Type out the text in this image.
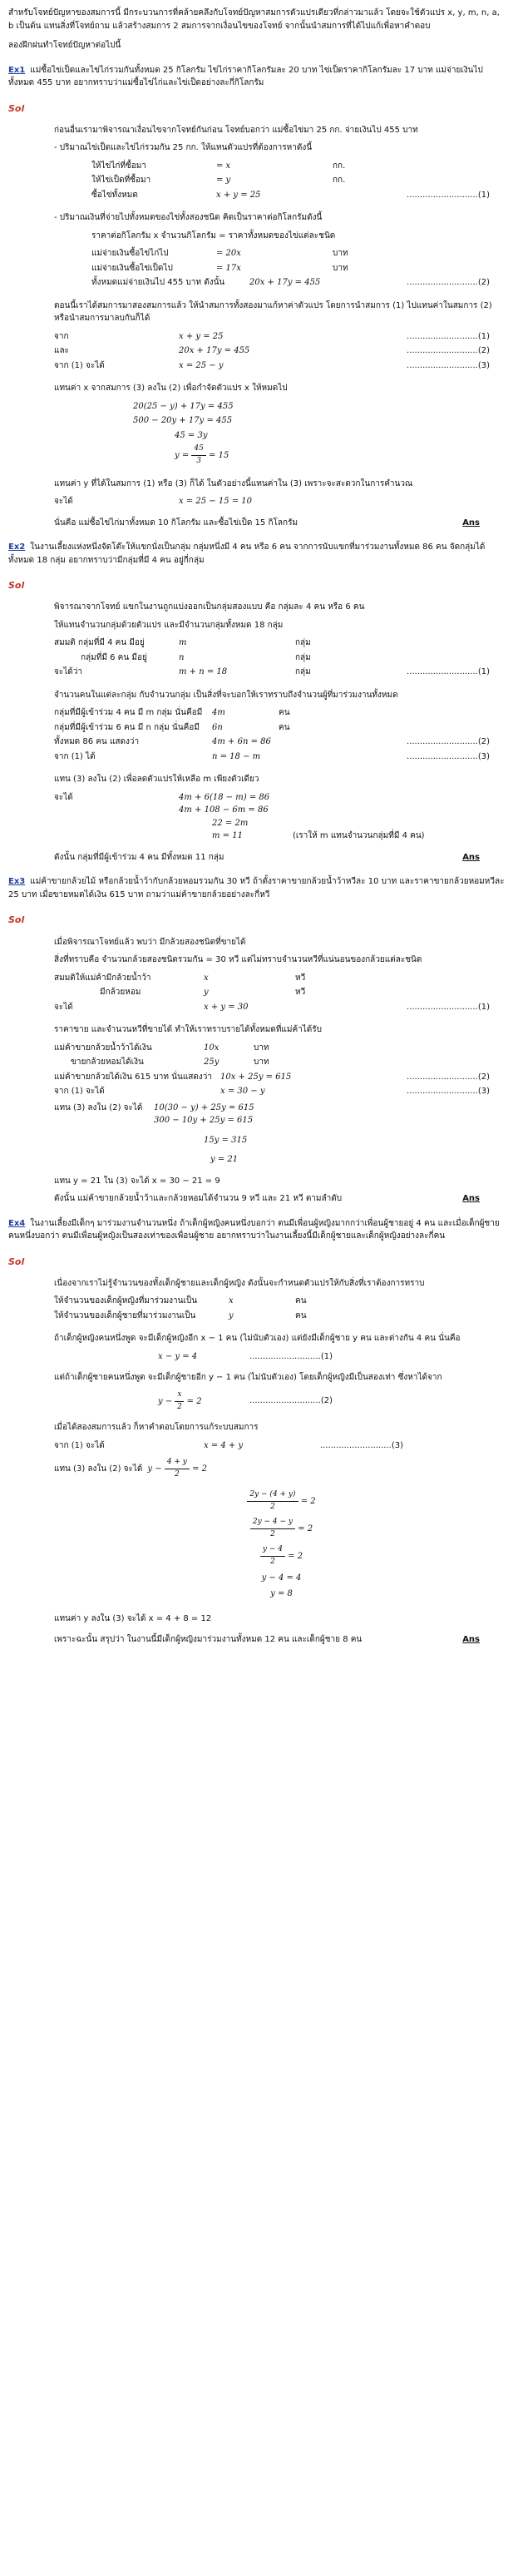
สำหรับโจทย์ปัญหาของสมการนี้ มีกระบวนการที่คล้ายคลึงกับโจทย์ปัญหาสมการตัวแปรเดียวที่กล่าวมาแล้ว โดยจะใช้ตัวแปร x, y, m, n, a, b เป็นต้น แทนสิ่งที่โจทย์ถาม แล้วสร้างสมการ 2 สมการจากเงื่อนไขของโจทย์ จากนั้นนำสมการที่ได้ไปแก้เพื่อหาคำตอบ

ลองฝึกฝนทำโจทย์ปัญหาต่อไปนี้

Ex1 แม่ซื้อไข่เป็ดและไข่ไก่รวมกันทั้งหมด 25 กิโลกรัม ไข่ไก่ราคากิโลกรัมละ 20 บาท ไข่เป็ดราคากิโลกรัมละ 17 บาท แม่จ่ายเงินไปทั้งหมด 455 บาท อยากทราบว่าแม่ซื้อไข่ไก่และไข่เป็ดอย่างละกี่กิโลกรัม

Sol

ก่อนอื่นเรามาพิจารณาเงื่อนไขจากโจทย์กันก่อน โจทย์บอกว่า แม่ซื้อไข่มา 25 กก. จ่ายเงินไป 455 บาท

- ปริมาณไข่เป็ดและไข่ไก่รวมกัน 25 กก. ให้แทนตัวแปรที่ต้องการหาดังนี้

ให้ไข่ไก่ที่ซื้อมา	= x	กก.
ให้ไข่เป็ดที่ซื้อมา	= y	กก.
ซื้อไข่ทั้งหมด	x + y = 25	...........................(1)

- ปริมาณเงินที่จ่ายไปทั้งหมดของไข่ทั้งสองชนิด คิดเป็นราคาต่อกิโลกรัมดังนี้

ราคาต่อกิโลกรัม x จำนวนกิโลกรัม = ราคาทั้งหมดของไข่แต่ละชนิด

แม่จ่ายเงินซื้อไข่ไก่ไป	= 20x	บาท
แม่จ่ายเงินซื้อไข่เป็ดไป	= 17x	บาท
ทั้งหมดแม่จ่ายเงินไป 455 บาท ดังนั้น	20x + 17y = 455	...........................(2)

ตอนนี้เราได้สมการมาสองสมการแล้ว ให้นำสมการทั้งสองมาแก้หาค่าตัวแปร โดยการนำสมการ (1) ไปแทนค่าในสมการ (2) หรือนำสมการมาลบกันก็ได้

จาก	x + y = 25	...........................(1)
และ	20x + 17y = 455	...........................(2)
จาก (1) จะได้	x = 25 − y	...........................(3)

แทนค่า x จากสมการ (3) ลงใน (2) เพื่อกำจัดตัวแปร x ให้หมดไป

20(25 − y) + 17y = 455
500 − 20y + 17y = 455
45 = 3y
$y = \frac{45}{3} = 15$

แทนค่า y ที่ได้ในสมการ (1) หรือ (3) ก็ได้ ในตัวอย่างนี้แทนค่าใน (3) เพราะจะสะดวกในการคำนวณ

จะได้	x = 25 − 15 = 10
นั่นคือ แม่ซื้อไข่ไก่มาทั้งหมด 10 กิโลกรัม และซื้อไข่เป็ด 15 กิโลกรัม	Ans

Ex2 ในงานเลี้ยงแห่งหนึ่งจัดโต๊ะให้แขกนั่งเป็นกลุ่ม กลุ่มหนึ่งมี 4 คน หรือ 6 คน จากการนับแขกที่มาร่วมงานทั้งหมด 86 คน จัดกลุ่มได้ทั้งหมด 18 กลุ่ม อยากทราบว่ามีกลุ่มที่มี 4 คน อยู่กี่กลุ่ม

Sol

พิจารณาจากโจทย์ แขกในงานถูกแบ่งออกเป็นกลุ่มสองแบบ คือ กลุ่มละ 4 คน หรือ 6 คน

ให้แทนจำนวนกลุ่มด้วยตัวแปร และมีจำนวนกลุ่มทั้งหมด 18 กลุ่ม

สมมติ กลุ่มที่มี 4 คน มีอยู่	m	กลุ่ม
กลุ่มที่มี 6 คน มีอยู่	n	กลุ่ม
จะได้ว่า	m + n = 18	กลุ่ม	...........................(1)

จำนวนคนในแต่ละกลุ่ม กับจำนวนกลุ่ม เป็นสิ่งที่จะบอกให้เราทราบถึงจำนวนผู้ที่มาร่วมงานทั้งหมด

กลุ่มที่มีผู้เข้าร่วม 4 คน มี m กลุ่ม นั่นคือมี	4m	คน
กลุ่มที่มีผู้เข้าร่วม 6 คน มี n กลุ่ม นั่นคือมี	6n	คน
ทั้งหมด 86 คน แสดงว่า	4m + 6n = 86	...........................(2)
จาก (1) ได้	n = 18 − m	...........................(3)

แทน (3) ลงใน (2) เพื่อลดตัวแปรให้เหลือ m เพียงตัวเดียว

จะได้	4m + 6(18 − m) = 86
4m + 108 − 6m = 86
22 = 2m
m = 11	(เราให้ m แทนจำนวนกลุ่มที่มี 4 คน)
ดังนั้น กลุ่มที่มีผู้เข้าร่วม 4 คน มีทั้งหมด 11 กลุ่ม	Ans

Ex3 แม่ค้าขายกล้วยไม้ หรือกล้วยน้ำว้ากับกล้วยหอมรวมกัน 30 หวี ถ้าตั้งราคาขายกล้วยน้ำว้าหวีละ 10 บาท และราคาขายกล้วยหอมหวีละ 25 บาท เมื่อขายหมดได้เงิน 615 บาท ถามว่าแม่ค้าขายกล้วยอย่างละกี่หวี

Sol

เมื่อพิจารณาโจทย์แล้ว พบว่า มีกล้วยสองชนิดที่ขายได้

สิ่งที่ทราบคือ จำนวนกล้วยสองชนิดรวมกัน = 30 หวี แต่ไม่ทราบจำนวนหวีที่แน่นอนของกล้วยแต่ละชนิด

สมมติให้แม่ค้ามีกล้วยน้ำว้า	x	หวี
มีกล้วยหอม	y	หวี
จะได้	x + y = 30	...........................(1)

ราคาขาย และจำนวนหวีที่ขายได้ ทำให้เราทราบรายได้ทั้งหมดที่แม่ค้าได้รับ

แม่ค้าขายกล้วยน้ำว้าได้เงิน	10x	บาท
ขายกล้วยหอมได้เงิน	25y	บาท
แม่ค้าขายกล้วยได้เงิน 615 บาท นั่นแสดงว่า	10x + 25y = 615	...........................(2)
จาก (1) จะได้	x = 30 − y	...........................(3)
แทน (3) ลงใน (2) จะได้	10(30 − y) + 25y = 615
300 − 10y + 25y = 615
15y = 315
y = 21

แทน y = 21 ใน (3) จะได้ x = 30 − 21 = 9

ดังนั้น แม่ค้าขายกล้วยน้ำว้าและกล้วยหอมได้จำนวน 9 หวี และ 21 หวี ตามลำดับ	Ans

Ex4 ในงานเลี้ยงมีเด็กๆ มาร่วมงานจำนวนหนึ่ง ถ้าเด็กผู้หญิงคนหนึ่งบอกว่า ตนมีเพื่อนผู้หญิงมากกว่าเพื่อนผู้ชายอยู่ 4 คน และเมื่อเด็กผู้ชายคนหนึ่งบอกว่า ตนมีเพื่อนผู้หญิงเป็นสองเท่าของเพื่อนผู้ชาย อยากทราบว่าในงานเลี้ยงนี้มีเด็กผู้ชายและเด็กผู้หญิงอย่างละกี่คน

Sol

เนื่องจากเราไม่รู้จำนวนของทั้งเด็กผู้ชายและเด็กผู้หญิง ดังนั้นจะกำหนดตัวแปรให้กับสิ่งที่เราต้องการทราบ

ให้จำนวนของเด็กผู้หญิงที่มาร่วมงานเป็น	x	คน
ให้จำนวนของเด็กผู้ชายที่มาร่วมงานเป็น	y	คน

ถ้าเด็กผู้หญิงคนหนึ่งพูด จะมีเด็กผู้หญิงอีก x − 1 คน (ไม่นับตัวเอง) แต่ยังมีเด็กผู้ชาย y คน และต่างกัน 4 คน นั่นคือ

x − y = 4	...........................(1)

แต่ถ้าเด็กผู้ชายคนหนึ่งพูด จะมีเด็กผู้ชายอีก y − 1 คน (ไม่นับตัวเอง) โดยเด็กผู้หญิงมีเป็นสองเท่า ซึ่งหาได้จาก

$y - \frac{x}{2} = 2$	...........................(2)

เมื่อได้สองสมการแล้ว ก็หาคำตอบโดยการแก้ระบบสมการ

จาก (1) จะได้	x = 4 + y	...........................(3)
แทน (3) ลงใน (2) จะได้ $y - \frac{4 + y}{2} = 2$
$\frac{2y - (4 + y)}{2} = 2$
$\frac{2y - 4 - y}{2} = 2$
$\frac{y - 4}{2} = 2$
y − 4 = 4
y = 8

แทนค่า y ลงใน (3) จะได้ x = 4 + 8 = 12

เพราะฉะนั้น สรุปว่า ในงานนี้มีเด็กผู้หญิงมาร่วมงานทั้งหมด 12 คน และเด็กผู้ชาย 8 คน	Ans
